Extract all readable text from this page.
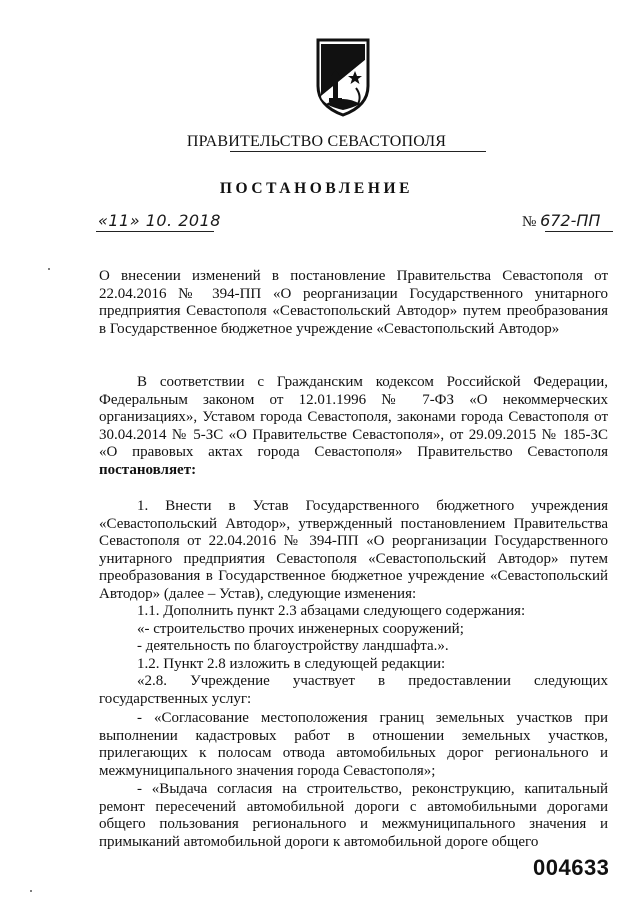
ПРАВИТЕЛЬСТВО СЕВАСТОПОЛЯ
ПОСТАНОВЛЕНИЕ
«11» 10. 2018	№ 672-ПП
О внесении изменений в постановление Правительства Севастополя от 22.04.2016 № 394-ПП «О реорганизации Государственного унитарного предприятия Севастополя «Севастопольский Автодор» путем преобразования в Государственное бюджетное учреждение «Севастопольский Автодор»
В соответствии с Гражданским кодексом Российской Федерации, Федеральным законом от 12.01.1996 № 7-ФЗ «О некоммерческих организациях», Уставом города Севастополя, законами города Севастополя от 30.04.2014 № 5-ЗС «О Правительстве Севастополя», от 29.09.2015 № 185-ЗС «О правовых актах города Севастополя» Правительство Севастополя постановляет:
1. Внести в Устав Государственного бюджетного учреждения «Севастопольский Автодор», утвержденный постановлением Правительства Севастополя от 22.04.2016 № 394-ПП «О реорганизации Государственного унитарного предприятия Севастополя «Севастопольский Автодор» путем преобразования в Государственное бюджетное учреждение «Севастопольский Автодор» (далее – Устав), следующие изменения:
1.1. Дополнить пункт 2.3 абзацами следующего содержания:
«- строительство прочих инженерных сооружений;
- деятельность по благоустройству ландшафта.».
1.2. Пункт 2.8 изложить в следующей редакции:
«2.8. Учреждение участвует в предоставлении следующих государственных услуг:
- «Согласование местоположения границ земельных участков при выполнении кадастровых работ в отношении земельных участков, прилегающих к полосам отвода автомобильных дорог регионального и межмуниципального значения города Севастополя»;
- «Выдача согласия на строительство, реконструкцию, капитальный ремонт пересечений автомобильной дороги с автомобильными дорогами общего пользования регионального и межмуниципального значения и примыканий автомобильной дороги к автомобильной дороге общего
004633
